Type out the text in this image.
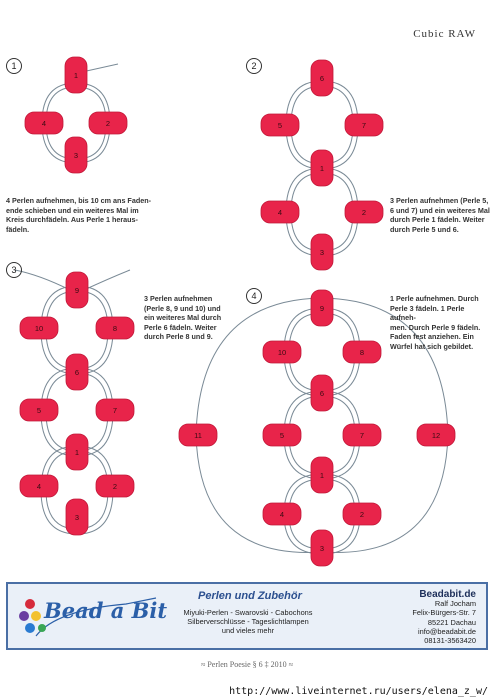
Cubic RAW
1
4	2
3
6
5	7
1
4	2
3
9
10	8
6
5	7
1
4	2
3
9
10	8
6
11	5	7	12
1
4	2
3
1	2
3
4
4 Perlen aufnehmen, bis 10 cm ans Faden-
ende schieben und ein weiteres Mal im
Kreis durchfädeln. Aus Perle 1 heraus-
fädeln.
3 Perlen aufnehmen (Perle 5,
6 und 7) und ein weiteres Mal
durch Perle 1 fädeln. Weiter
durch Perle 5 und 6.
3 Perlen aufnehmen
(Perle 8, 9 und 10) und
ein weiteres Mal durch
Perle 6 fädeln. Weiter
durch Perle 8 und 9.
1 Perle aufnehmen. Durch
Perle 3 fädeln. 1 Perle aufneh-
men. Durch Perle 9 fädeln.
Faden fest anziehen. Ein
Würfel hat sich gebildet.
Bead a Bit
Perlen und Zubehör
Miyuki-Perlen - Swarovski - Cabochons
Silberverschlüsse - Tageslichtlampen
und vieles mehr
Beadabit.de
Ralf Jocham
Felix-Bürgers-Str. 7
85221 Dachau
info@beadabit.de
08131-3563420
≈ Perlen Poesie § 6 ‡ 2010 ≈
http://www.liveinternet.ru/users/elena_z_w/
